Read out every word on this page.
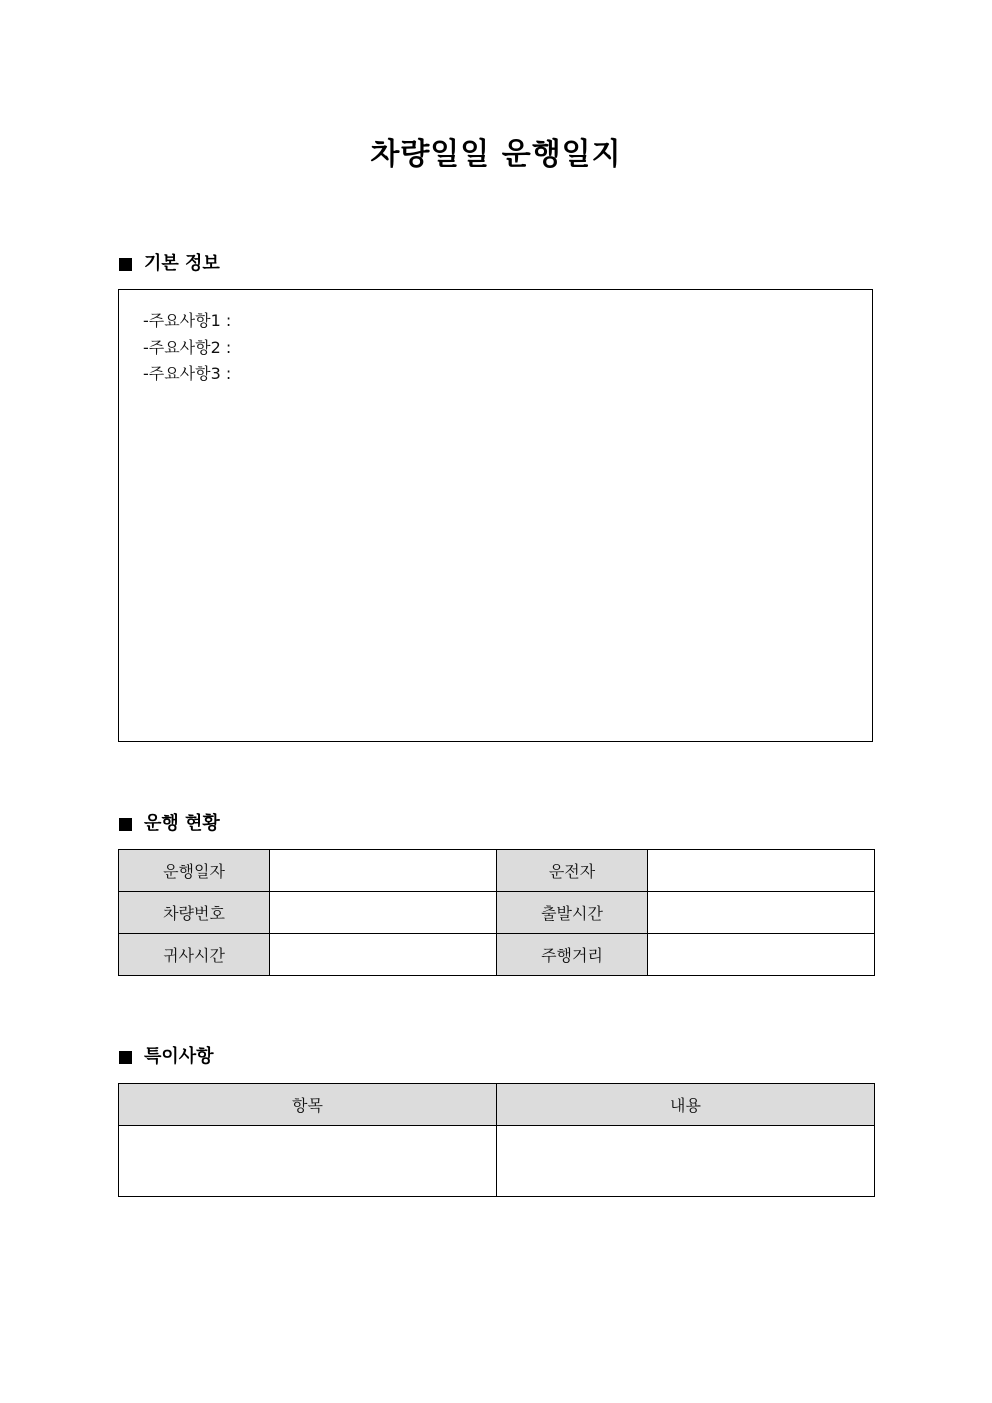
차량일일 운행일지
기본 정보
-주요사항1 :
-주요사항2 :
-주요사항3 :
운행 현황
운행일자		운전자	
차량번호		출발시간	
귀사시간		주행거리	
특이사항
항목	내용
